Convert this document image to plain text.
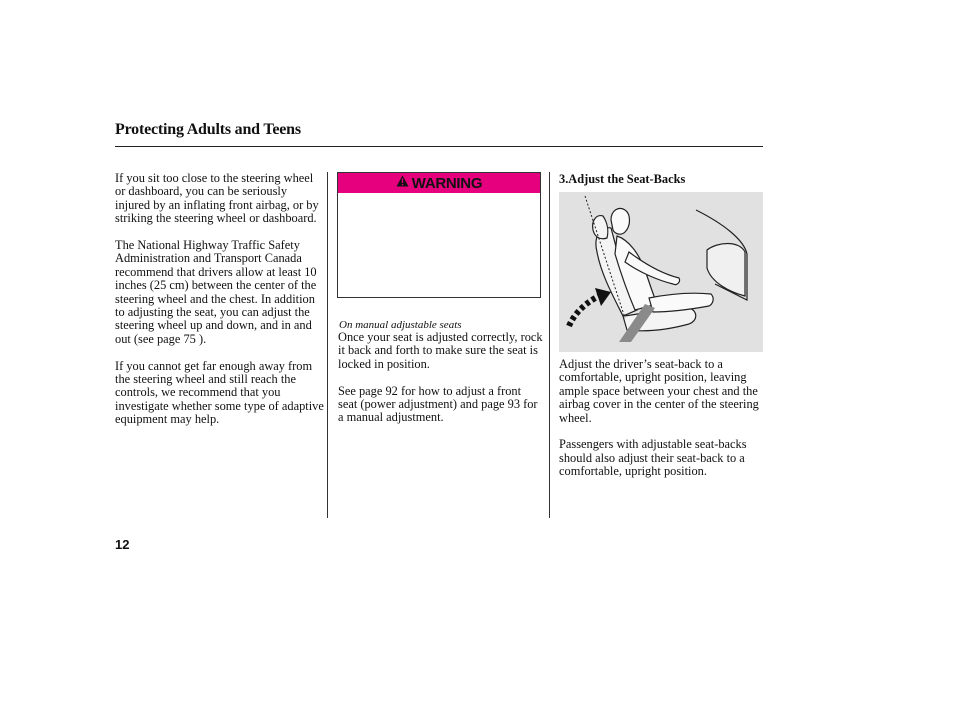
Protecting Adults and Teens

If you sit too close to the steering wheel or dashboard, you can be seriously injured by an inflating front airbag, or by striking the steering wheel or dashboard.

The National Highway Traffic Safety Administration and Transport Canada recommend that drivers allow at least 10 inches (25 cm) between the center of the steering wheel and the chest. In addition to adjusting the seat, you can adjust the steering wheel up and down, and in and out (see page 75 ).

If you cannot get far enough away from the steering wheel and still reach the controls, we recommend that you investigate whether some type of adaptive equipment may help.

WARNING
On manual adjustable seats

Once your seat is adjusted correctly, rock it back and forth to make sure the seat is locked in position.

See page 92 for how to adjust a front seat (power adjustment) and page 93 for a manual adjustment.

3.Adjust the Seat-Backs

Adjust the driver’s seat-back to a comfortable, upright position, leaving ample space between your chest and the airbag cover in the center of the steering wheel.

Passengers with adjustable seat-backs should also adjust their seat-back to a comfortable, upright position.

12
